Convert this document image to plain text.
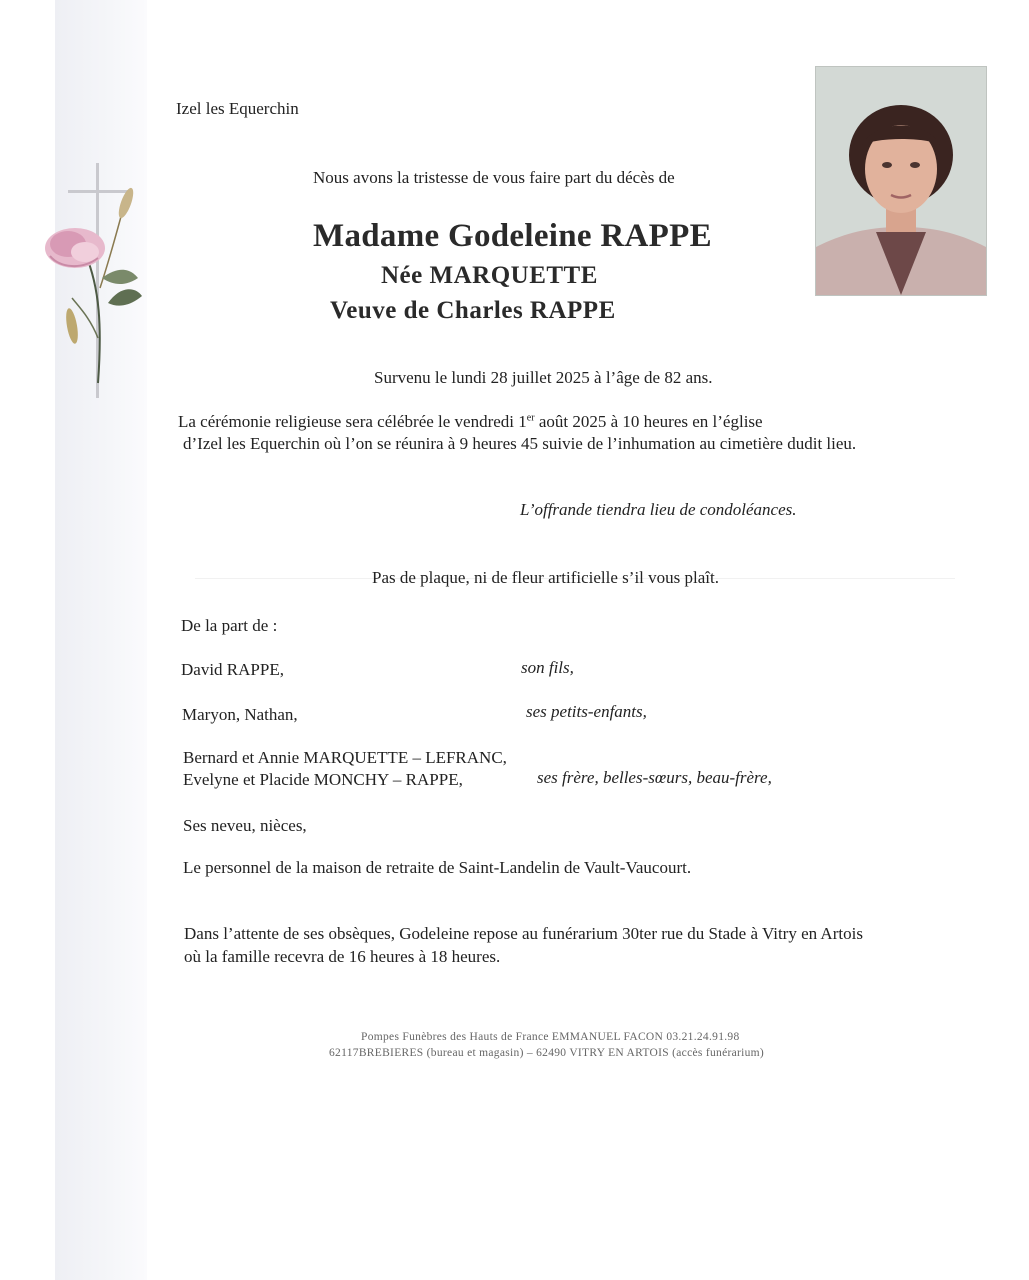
Izel les Equerchin
Nous avons la tristesse de vous faire part du décès de
Madame Godeleine RAPPE
Née MARQUETTE
Veuve de Charles RAPPE
Survenu le lundi 28 juillet 2025 à l’âge de 82 ans.
La cérémonie religieuse sera célébrée le vendredi 1er août 2025 à 10 heures en l’église
d’Izel les Equerchin où l’on se réunira à 9 heures 45 suivie de l’inhumation au cimetière dudit lieu.
L’offrande tiendra lieu de condoléances.
Pas de plaque, ni de fleur artificielle s’il vous plaît.
De la part de :
David RAPPE,	son fils,
Maryon, Nathan,	ses petits-enfants,
Bernard et Annie MARQUETTE – LEFRANC,
Evelyne et Placide MONCHY – RAPPE,	ses frère, belles-sœurs, beau-frère,
Ses neveu, nièces,
Le personnel de la maison de retraite de Saint-Landelin de Vault-Vaucourt.
Dans l’attente de ses obsèques, Godeleine repose au funérarium 30ter rue du Stade à Vitry en Artois
où la famille recevra de 16 heures à 18 heures.
Pompes Funèbres des Hauts de France EMMANUEL FACON 03.21.24.91.98
62117BREBIERES (bureau et magasin) – 62490 VITRY EN ARTOIS (accès funérarium)
